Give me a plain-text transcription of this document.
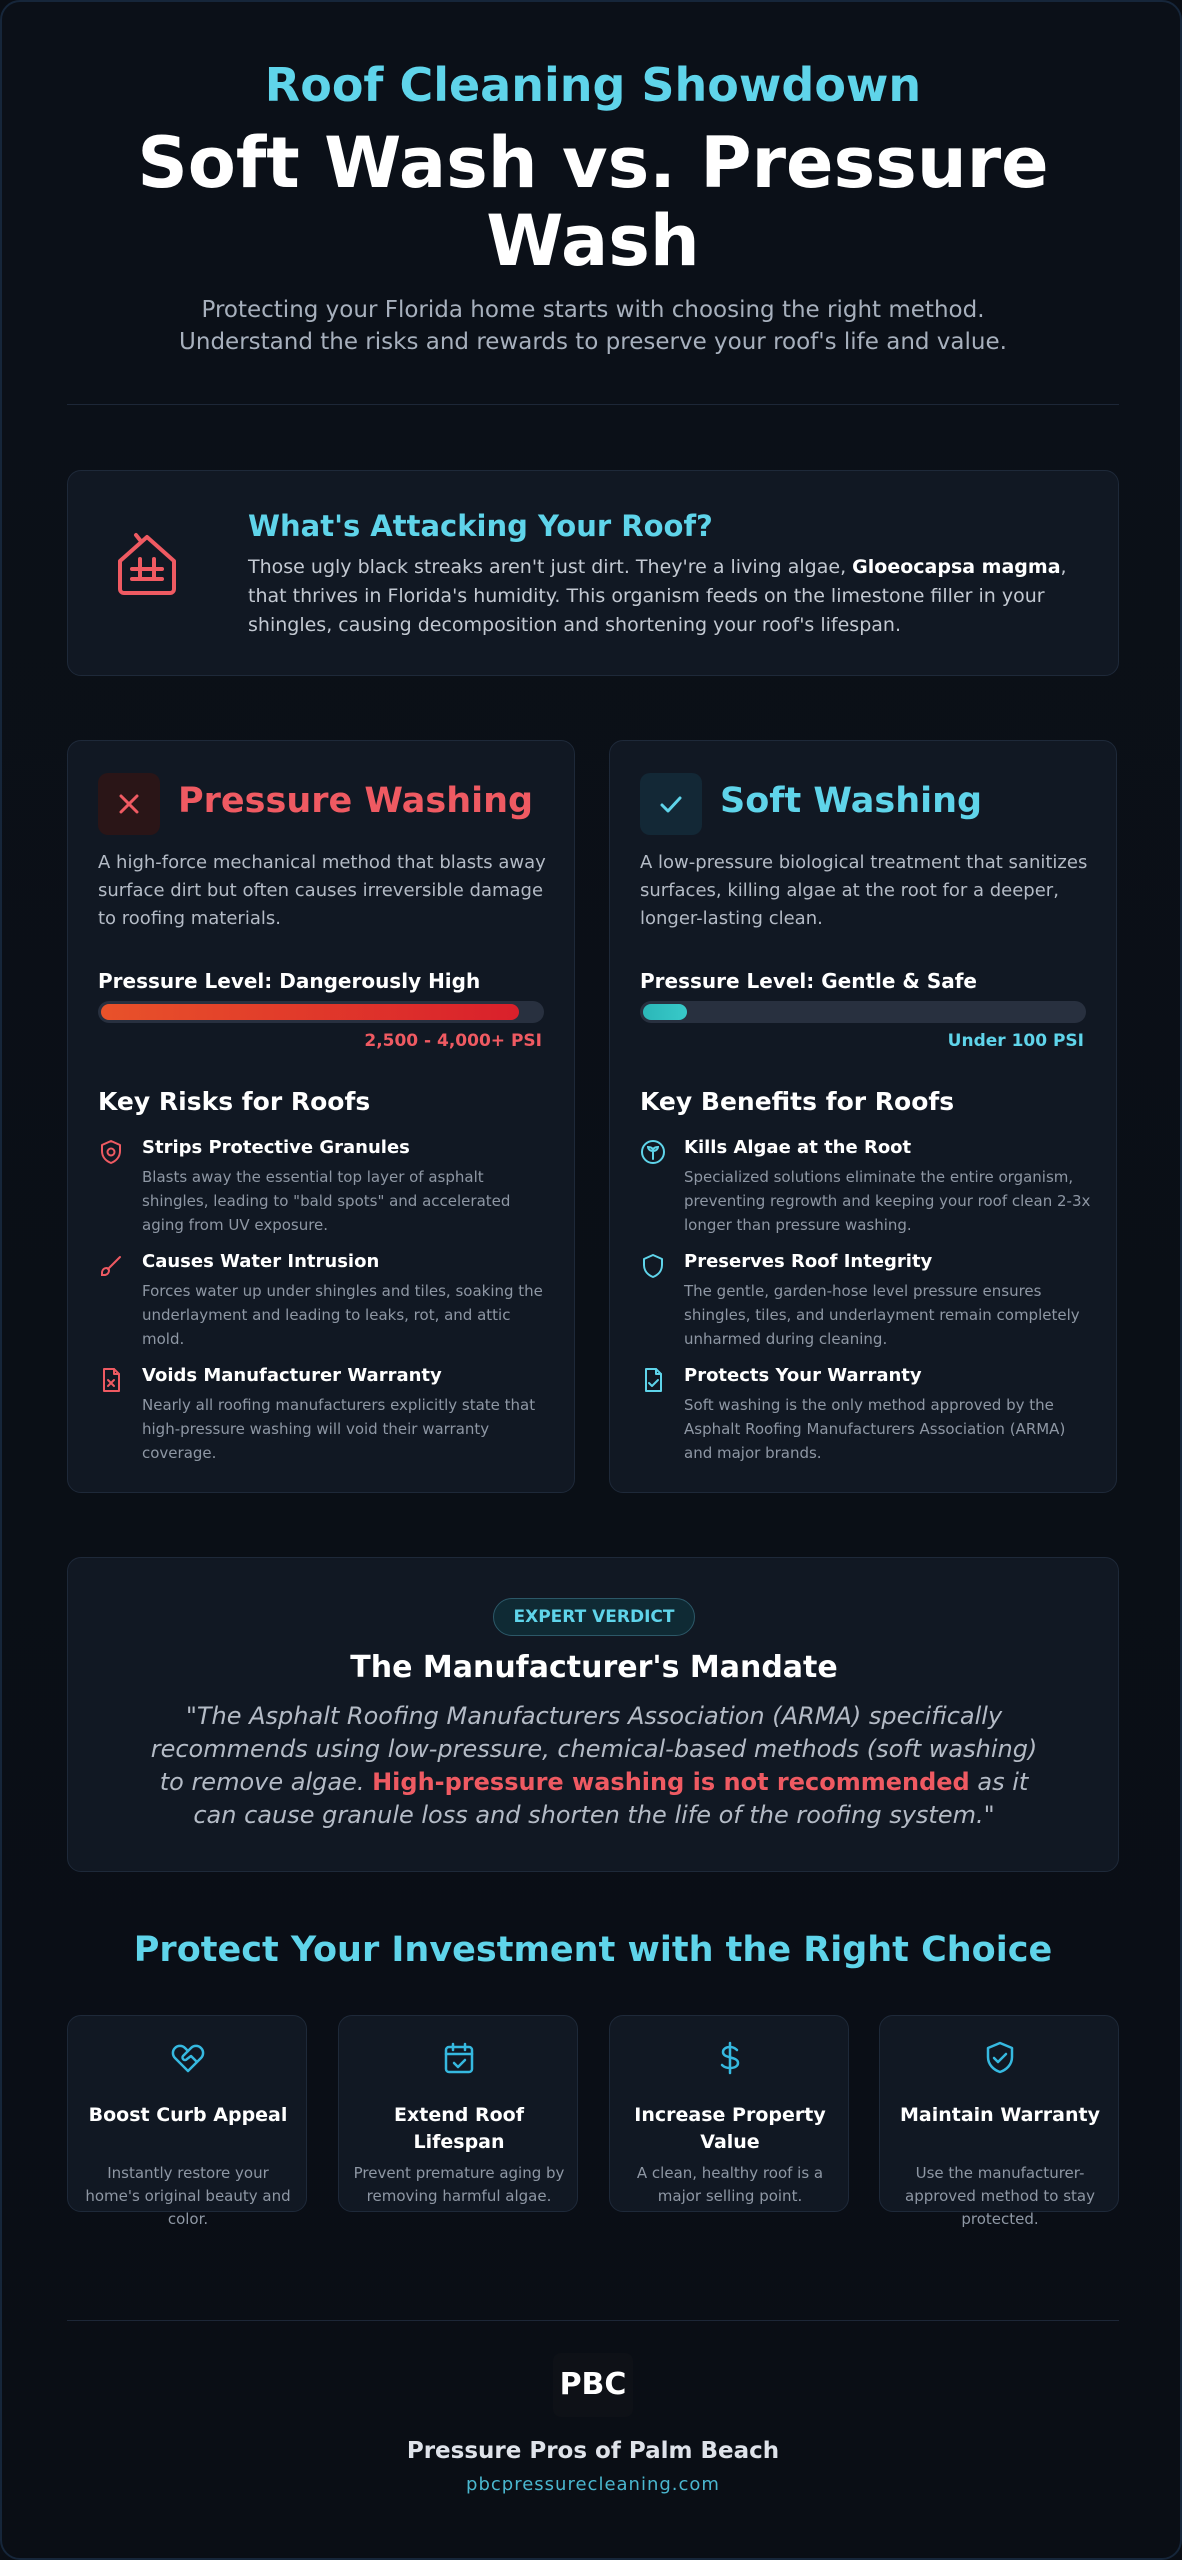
Roof Cleaning Showdown
Soft Wash vs. Pressure Wash
Protecting your Florida home starts with choosing the right method. Understand the risks and rewards to preserve your roof's life and value.
What's Attacking Your Roof?

Those ugly black streaks aren't just dirt. They're a living algae, Gloeocapsa magma, that thrives in Florida's humidity. This organism feeds on the limestone filler in your shingles, causing decomposition and shortening your roof's lifespan.

Pressure Washing
A high-force mechanical method that blasts away surface dirt but often causes irreversible damage to roofing materials.
Pressure Level: Dangerously High
2,500 - 4,000+ PSI
Key Risks for Roofs
Strips Protective Granules
Blasts away the essential top layer of asphalt shingles, leading to "bald spots" and accelerated aging from UV exposure.
Causes Water Intrusion
Forces water up under shingles and tiles, soaking the underlayment and leading to leaks, rot, and attic mold.
Voids Manufacturer Warranty
Nearly all roofing manufacturers explicitly state that high-pressure washing will void their warranty coverage.
Soft Washing
A low-pressure biological treatment that sanitizes surfaces, killing algae at the root for a deeper, longer-lasting clean.
Pressure Level: Gentle & Safe
Under 100 PSI
Key Benefits for Roofs
Kills Algae at the Root
Specialized solutions eliminate the entire organism, preventing regrowth and keeping your roof clean 2-3x longer than pressure washing.
Preserves Roof Integrity
The gentle, garden-hose level pressure ensures shingles, tiles, and underlayment remain completely unharmed during cleaning.
Protects Your Warranty
Soft washing is the only method approved by the Asphalt Roofing Manufacturers Association (ARMA) and major brands.
EXPERT VERDICT
The Manufacturer's Mandate
"The Asphalt Roofing Manufacturers Association (ARMA) specifically recommends using low-pressure, chemical-based methods (soft washing) to remove algae. High-pressure washing is not recommended as it can cause granule loss and shorten the life of the roofing system."
Protect Your Investment with the Right Choice
Boost Curb Appeal
Instantly restore your home's original beauty and color.
Extend Roof Lifespan
Prevent premature aging by removing harmful algae.
Increase Property Value
A clean, healthy roof is a major selling point.
Maintain Warranty
Use the manufacturer-approved method to stay protected.
PBC
Pressure Pros of Palm Beach
pbcpressurecleaning.com
